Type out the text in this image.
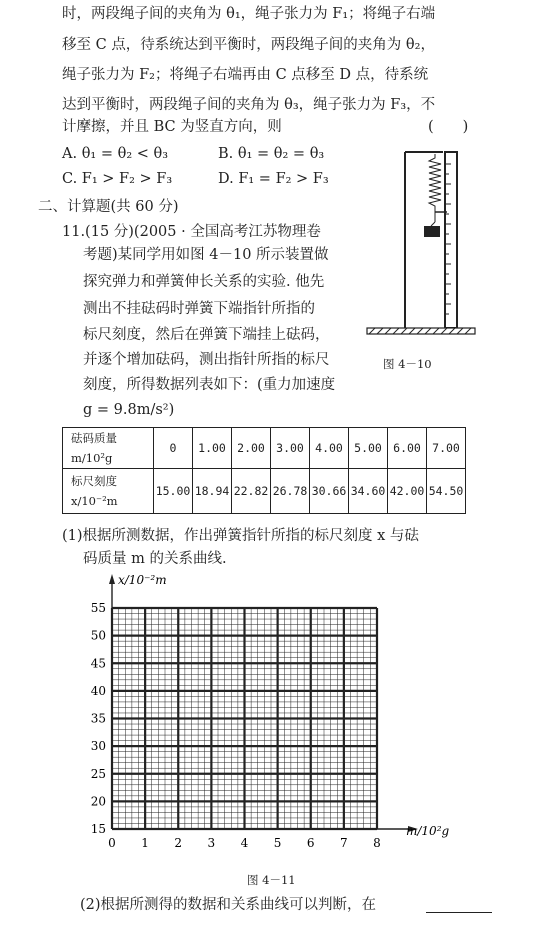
时，两段绳子间的夹角为 θ₁，绳子张力为 F₁；将绳子右端
移至 C 点，待系统达到平衡时，两段绳子间的夹角为 θ₂，
绳子张力为 F₂；将绳子右端再由 C 点移至 D 点，待系统
达到平衡时，两段绳子间的夹角为 θ₃，绳子张力为 F₃，不
计摩擦，并且 BC 为竖直方向，则	(　　)
A. θ₁ = θ₂ < θ₃	B. θ₁ = θ₂ = θ₃
C. F₁ > F₂ > F₃	D. F₁ = F₂ > F₃
二、计算题(共 60 分)
11.(15 分)(2005 · 全国高考江苏物理卷
考题)某同学用如图 4－10 所示装置做
探究弹力和弹簧伸长关系的实验. 他先
测出不挂砝码时弹簧下端指针所指的
标尺刻度，然后在弹簧下端挂上砝码，
并逐个增加砝码，测出指针所指的标尺
刻度，所得数据列表如下：(重力加速度
g = 9.8m/s²)
图 4－10
砝码质量
m/10²g	0	1.00	2.00	3.00	4.00	5.00	6.00	7.00
标尺刻度
x/10⁻²m	15.00	18.94	22.82	26.78	30.66	34.60	42.00	54.50
(1)根据所测数据，作出弹簧指针所指的标尺刻度 x 与砝
码质量 m 的关系曲线.
0 1 2 3 4 5 6 7 8
15
20
25
30
35
40
45
50
55
x/10⁻²m
m/10²g
图 4－11
(2)根据所测得的数据和关系曲线可以判断，在
